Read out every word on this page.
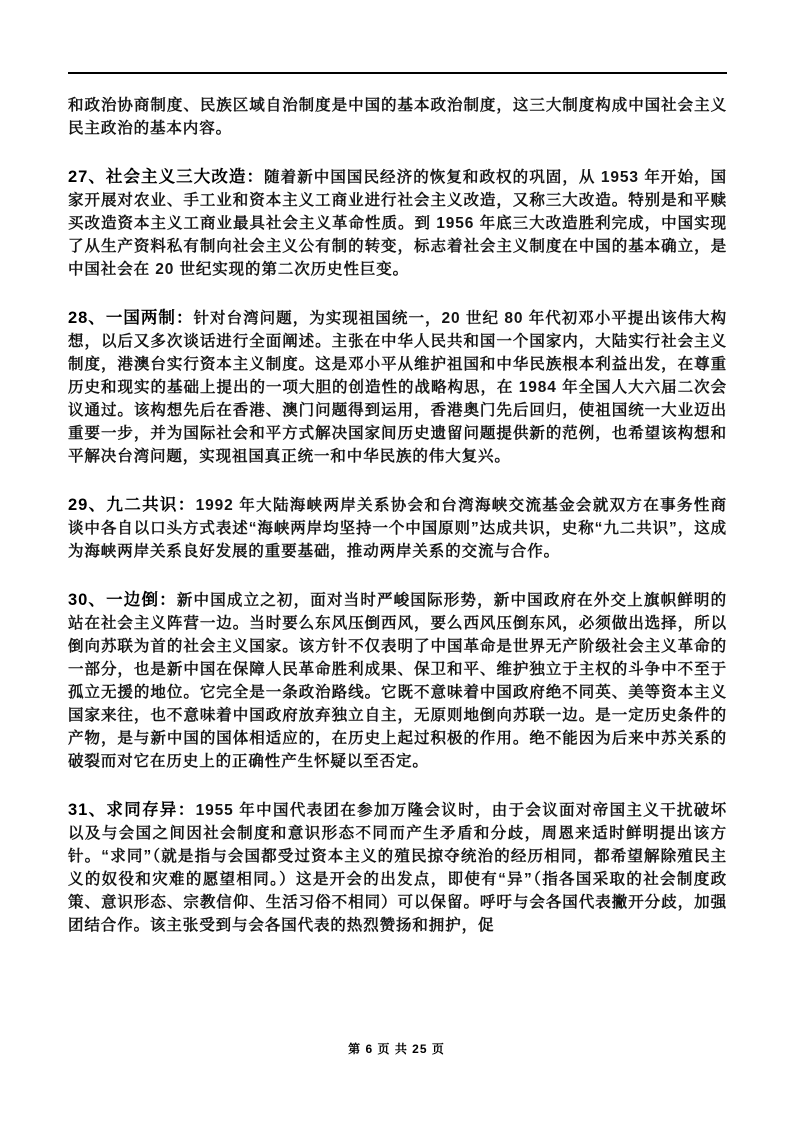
和政治协商制度、民族区域自治制度是中国的基本政治制度，这三大制度构成中国社会主义民主政治的基本内容。

27、社会主义三大改造：随着新中国国民经济的恢复和政权的巩固，从 1953 年开始，国家开展对农业、手工业和资本主义工商业进行社会主义改造，又称三大改造。特别是和平赎买改造资本主义工商业最具社会主义革命性质。到 1956 年底三大改造胜利完成，中国实现了从生产资料私有制向社会主义公有制的转变，标志着社会主义制度在中国的基本确立，是中国社会在 20 世纪实现的第二次历史性巨变。

28、一国两制：针对台湾问题，为实现祖国统一，20 世纪 80 年代初邓小平提出该伟大构想，以后又多次谈话进行全面阐述。主张在中华人民共和国一个国家内，大陆实行社会主义制度，港澳台实行资本主义制度。这是邓小平从维护祖国和中华民族根本利益出发，在尊重历史和现实的基础上提出的一项大胆的创造性的战略构思，在 1984 年全国人大六届二次会议通过。该构想先后在香港、澳门问题得到运用，香港奥门先后回归，使祖国统一大业迈出重要一步，并为国际社会和平方式解决国家间历史遗留问题提供新的范例，也希望该构想和平解决台湾问题，实现祖国真正统一和中华民族的伟大复兴。

29、九二共识：1992 年大陆海峡两岸关系协会和台湾海峡交流基金会就双方在事务性商谈中各自以口头方式表述“海峡两岸均坚持一个中国原则”达成共识，史称“九二共识”，这成为海峡两岸关系良好发展的重要基础，推动两岸关系的交流与合作。

30、一边倒：新中国成立之初，面对当时严峻国际形势，新中国政府在外交上旗帜鲜明的站在社会主义阵营一边。当时要么东风压倒西风，要么西风压倒东风，必须做出选择，所以倒向苏联为首的社会主义国家。该方针不仅表明了中国革命是世界无产阶级社会主义革命的一部分，也是新中国在保障人民革命胜利成果、保卫和平、维护独立于主权的斗争中不至于孤立无援的地位。它完全是一条政治路线。它既不意味着中国政府绝不同英、美等资本主义国家来往，也不意味着中国政府放弃独立自主，无原则地倒向苏联一边。是一定历史条件的产物，是与新中国的国体相适应的，在历史上起过积极的作用。绝不能因为后来中苏关系的破裂而对它在历史上的正确性产生怀疑以至否定。

31、求同存异：1955 年中国代表团在参加万隆会议时，由于会议面对帝国主义干扰破坏以及与会国之间因社会制度和意识形态不同而产生矛盾和分歧，周恩来适时鲜明提出该方针。“求同”（就是指与会国都受过资本主义的殖民掠夺统治的经历相同，都希望解除殖民主义的奴役和灾难的愿望相同。）这是开会的出发点，即使有“异”（指各国采取的社会制度政策、意识形态、宗教信仰、生活习俗不相同）可以保留。呼吁与会各国代表撇开分歧，加强团结合作。该主张受到与会各国代表的热烈赞扬和拥护，促

第 6 页 共 25 页
